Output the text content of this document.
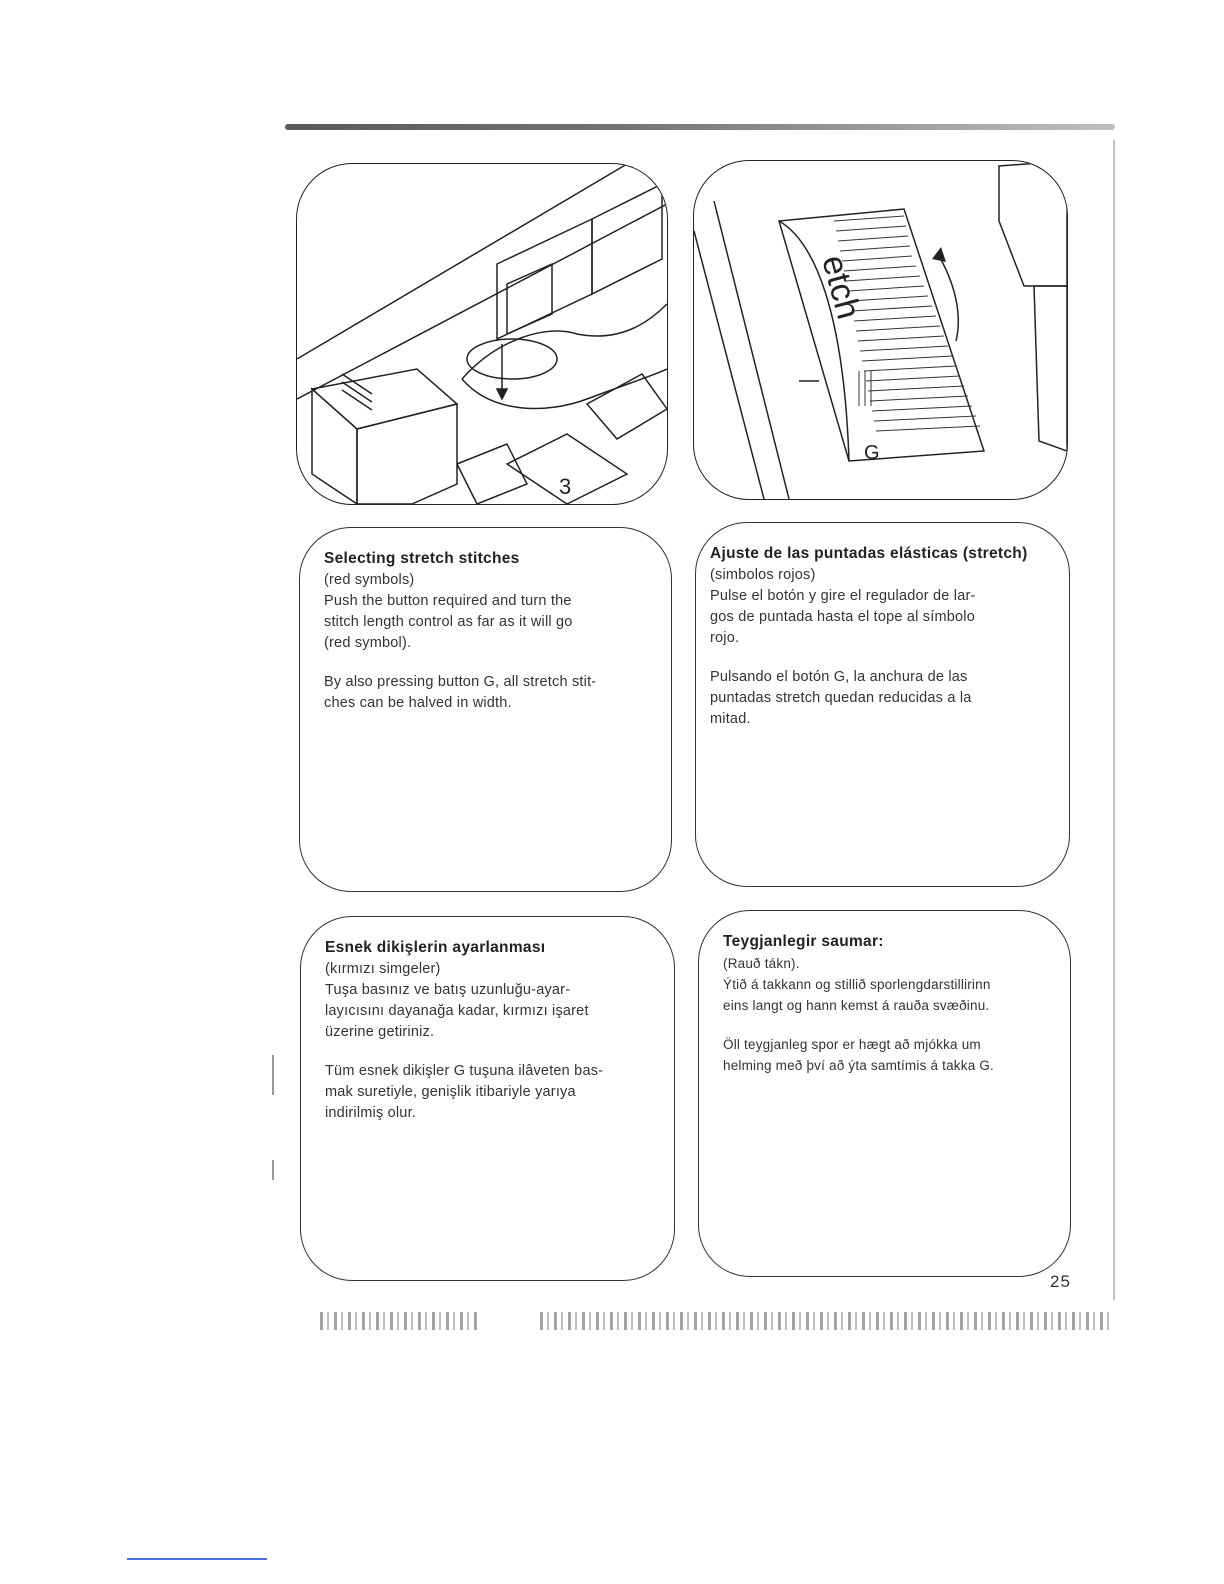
3
etch
G
Selecting stretch stitches
(red symbols)
Push the button required and turn the
stitch length control as far as it will go
(red symbol).
By also pressing button G, all stretch stit-
ches can be halved in width.
Ajuste de las puntadas elásticas (stretch)
(simbolos rojos)
Pulse el botón y gire el regulador de lar-
gos de puntada hasta el tope al símbolo
rojo.
Pulsando el botón G, la anchura de las
puntadas stretch quedan reducidas a la
mitad.
Esnek dikişlerin ayarlanması
(kırmızı simgeler)
Tuşa basınız ve batış uzunluğu-ayar-
layıcısını dayanağa kadar, kırmızı işaret
üzerine getiriniz.
Tüm esnek dikişler G tuşuna ilâveten bas-
mak suretiyle, genişlik itibariyle yarıya
indirilmiş olur.
Teygjanlegir saumar:
(Rauð tákn).
Ýtið á takkann og stillið sporlengdarstillirinn
eins langt og hann kemst á rauða svæðinu.
Öll teygjanleg spor er hægt að mjókka um
helming með því að ýta samtímis á takka G.
25
